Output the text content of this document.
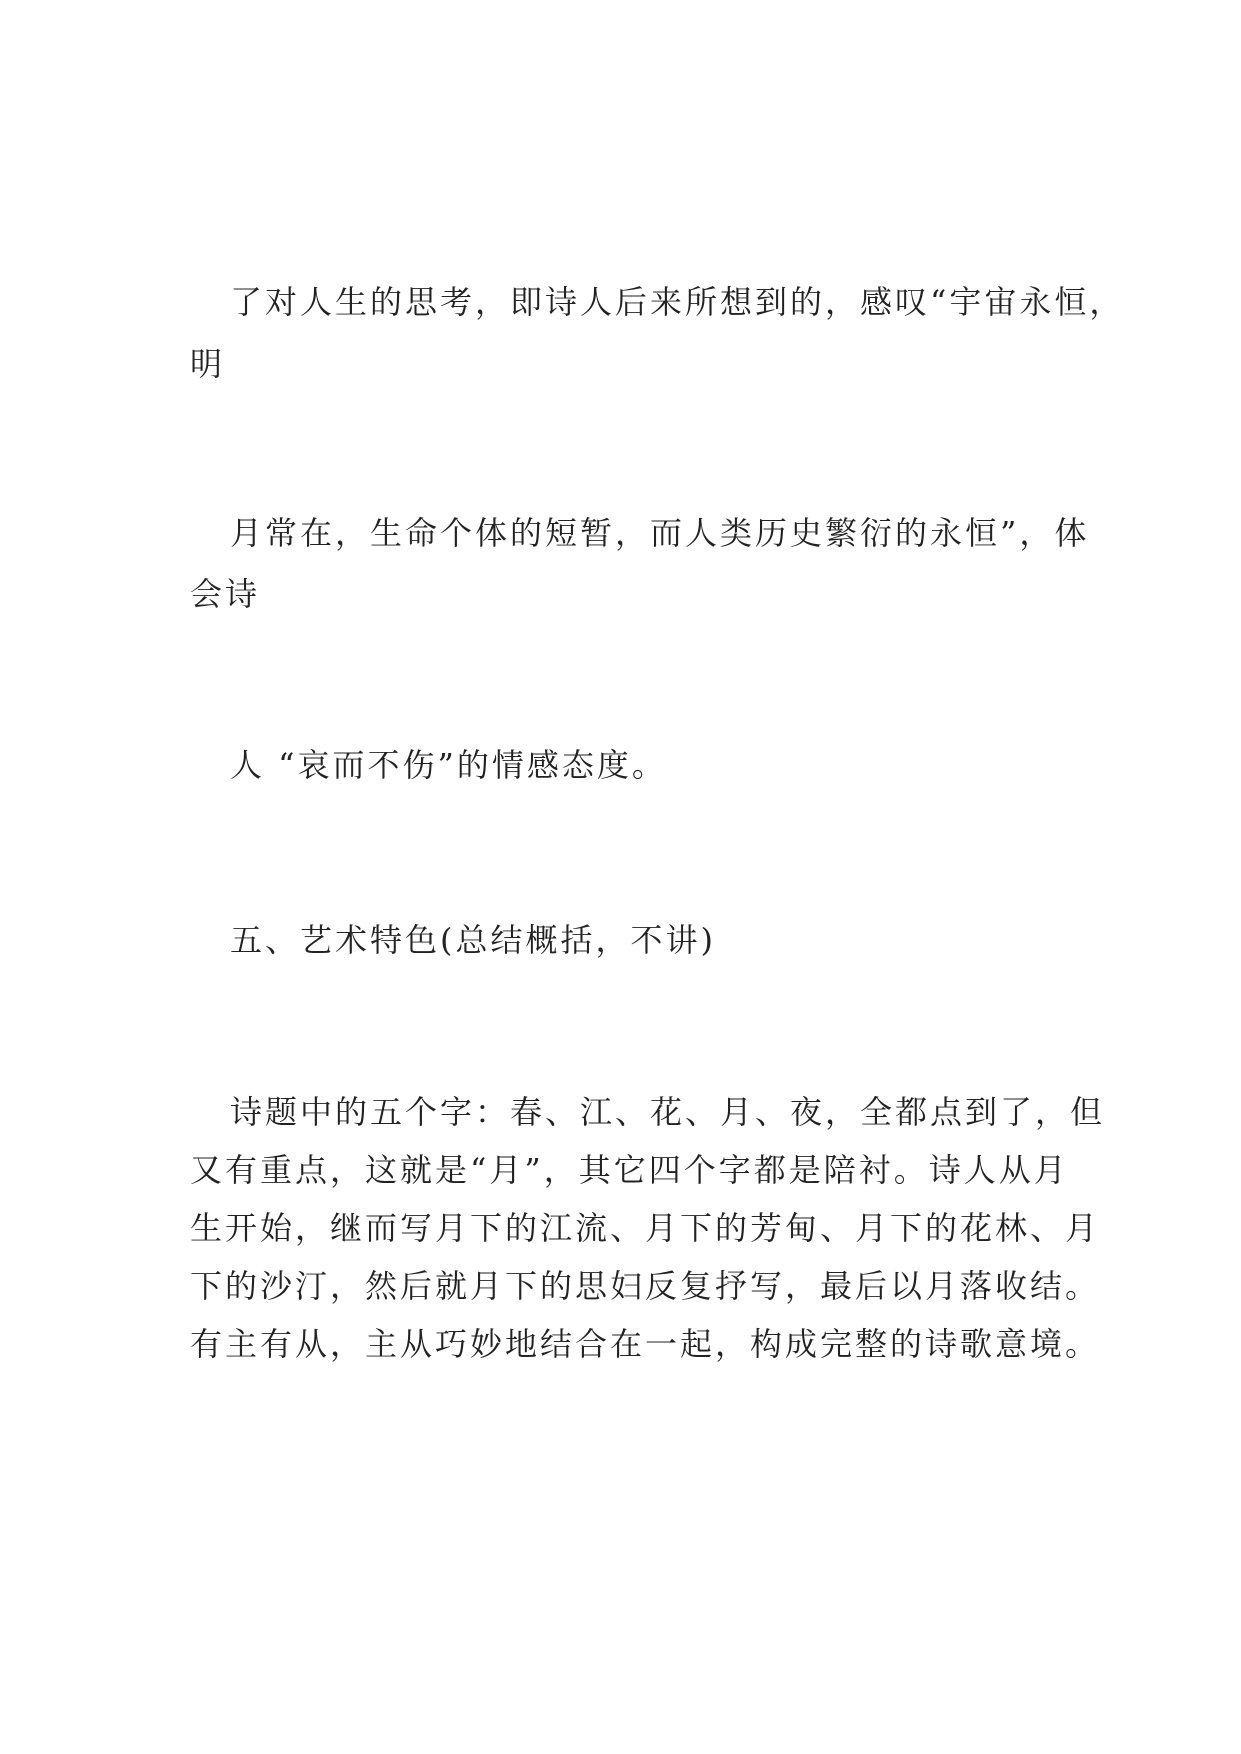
了对人生的思考，即诗人后来所想到的，感叹“宇宙永恒，
明
月常在，生命个体的短暂，而人类历史繁衍的永恒”，体
会诗
人 “哀而不伤”的情感态度。
五、艺术特色(总结概括，不讲)
诗题中的五个字：春、江、花、月、夜，全都点到了，但
又有重点，这就是“月”，其它四个字都是陪衬。诗人从月
生开始，继而写月下的江流、月下的芳甸、月下的花林、月
下的沙汀，然后就月下的思妇反复抒写，最后以月落收结。
有主有从，主从巧妙地结合在一起，构成完整的诗歌意境。
